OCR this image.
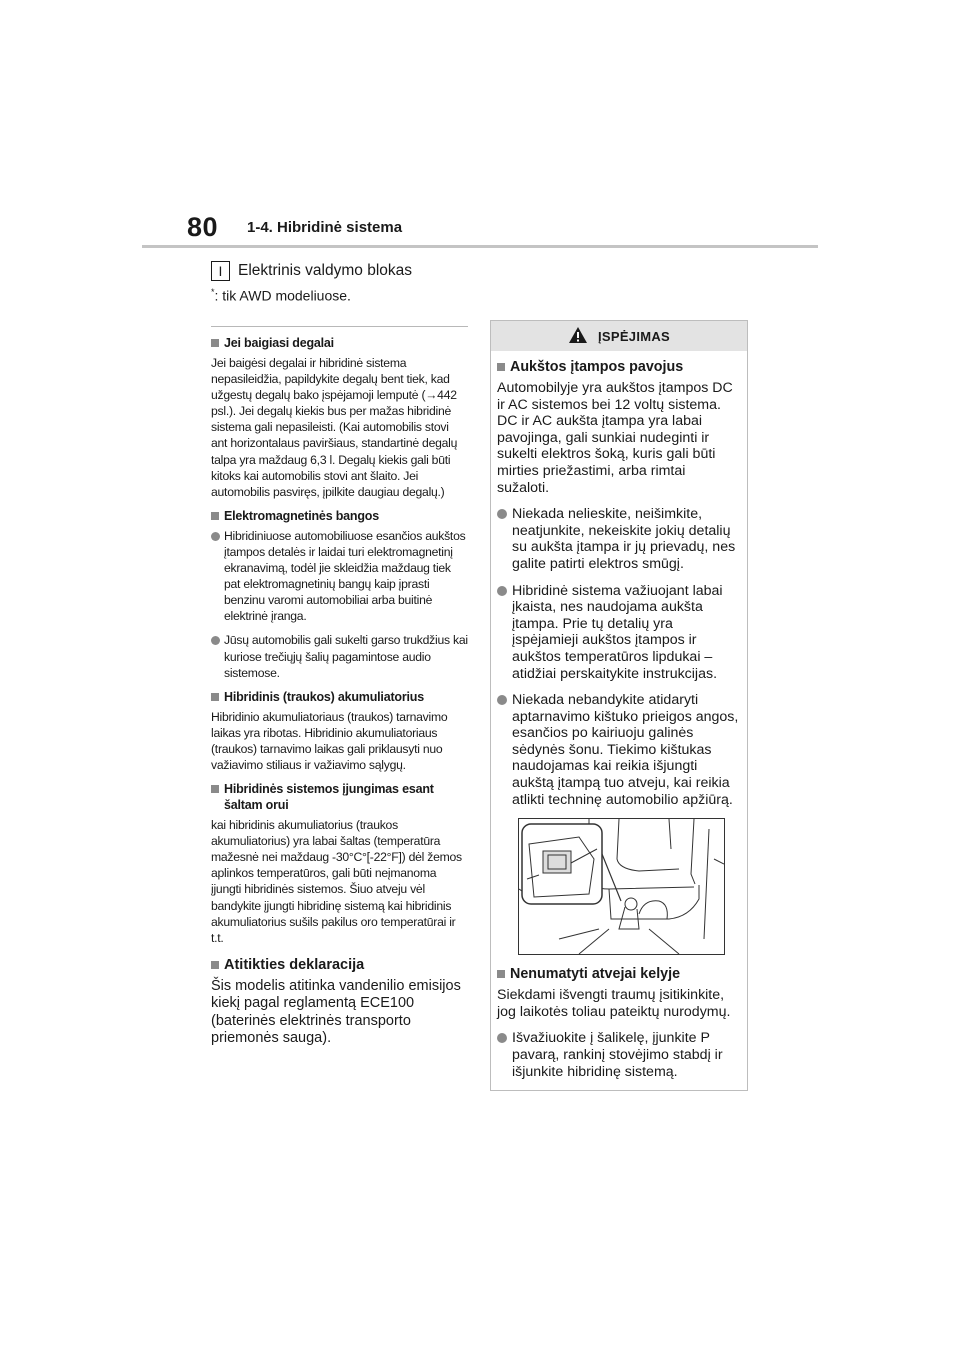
80 1-4. Hibridinė sistema
I	Elektrinis valdymo blokas
*: tik AWD modeliuose.
Jei baigiasi degalai

Jei baigėsi degalai ir hibridinė sistema nepasileidžia, papildykite degalų bent tiek, kad užgestų degalų bako įspėjamoji lemputė (→442 psl.). Jei degalų kiekis bus per mažas hibridinė sistema gali nepasileisti. (Kai automobilis stovi ant horizontalaus paviršiaus, standartinė degalų talpa yra maždaug 6,3 l. Degalų kiekis gali būti kitoks kai automobilis stovi ant šlaito. Jei automobilis pasviręs, įpilkite daugiau degalų.)

Elektromagnetinės bangos
Hibridiniuose automobiliuose esančios aukštos įtampos detalės ir laidai turi elektromagnetinį ekranavimą, todėl jie skleidžia maždaug tiek pat elektromagnetinių bangų kaip įprasti benzinu varomi automobiliai arba buitinė elektrinė įranga.
Jūsų automobilis gali sukelti garso trukdžius kai kuriose trečiųjų šalių pagamintose audio sistemose.
Hibridinis (traukos) akumuliatorius

Hibridinio akumuliatoriaus (traukos) tarnavimo laikas yra ribotas. Hibridinio akumuliatoriaus (traukos) tarnavimo laikas gali priklausyti nuo važiavimo stiliaus ir važiavimo sąlygų.

Hibridinės sistemos įjungimas esant šaltam orui

kai hibridinis akumuliatorius (traukos akumuliatorius) yra labai šaltas (temperatūra mažesnė nei maždaug -30°C°[-22°F]) dėl žemos aplinkos temperatūros, gali būti neįmanoma įjungti hibridinės sistemos. Šiuo atveju vėl bandykite įjungti hibridinę sistemą kai hibridinis akumuliatorius sušils pakilus oro temperatūrai ir t.t.

Atitikties deklaracija

Šis modelis atitinka vandenilio emisijos kiekį pagal reglamentą ECE100 (baterinės elektrinės transporto priemonės sauga).

ĮSPĖJIMAS
Aukštos įtampos pavojus

Automobilyje yra aukštos įtampos DC ir AC sistemos bei 12 voltų sistema. DC ir AC aukšta įtampa yra labai pavojinga, gali sunkiai nudeginti ir sukelti elektros šoką, kuris gali būti mirties priežastimi, arba rimtai sužaloti.

Niekada nelieskite, neišimkite, neatjunkite, nekeiskite jokių detalių su aukšta įtampa ir jų prievadų, nes galite patirti elektros smūgį.
Hibridinė sistema važiuojant labai įkaista, nes naudojama aukšta įtampa. Prie tų detalių yra įspėjamieji aukštos įtampos ir aukštos temperatūros lipdukai – atidžiai perskaitykite instrukcijas.
Niekada nebandykite atidaryti aptarnavimo kištuko prieigos angos, esančios po kairiuoju galinės sėdynės šonu. Tiekimo kištukas naudojamas kai reikia išjungti aukštą įtampą tuo atveju, kai reikia atlikti techninę automobilio apžiūrą.
Nenumatyti atvejai kelyje

Siekdami išvengti traumų įsitikinkite, jog laikotės toliau pateiktų nurodymų.

Išvažiuokite į šalikelę, įjunkite P pavarą, rankinį stovėjimo stabdį ir išjunkite hibridinę sistemą.
